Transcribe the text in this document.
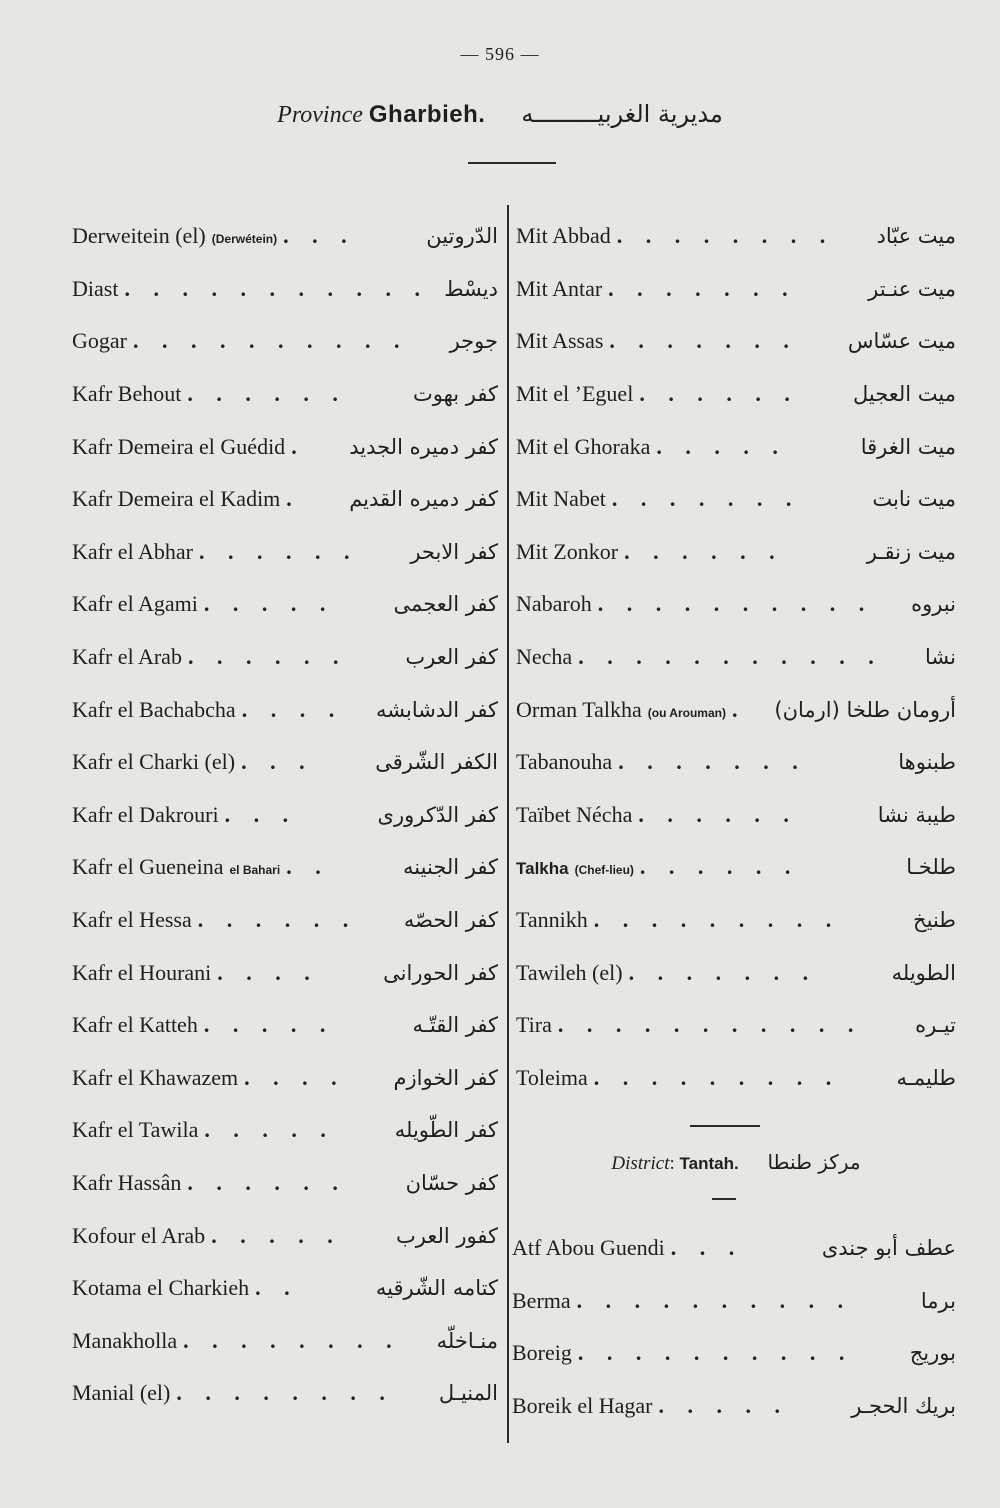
— 596 —
Province Gharbieh. مديرية الغربيـــــــــه
Derweitein (el) (Derwétein) . . .	الدّروتين
Diast . . . . . . . . . . . ديسْط
Gogar . . . . . . . . . .	جوجر
Kafr Behout . . . . . .	كفر بهوت
Kafr Demeira el Guédid .	كفر دميره الجديد
Kafr Demeira el Kadim .	كفر دميره القديم
Kafr el Abhar . . . . . .	كفر الابحر
Kafr el Agami . . . . .	كفر العجمى
Kafr el Arab . . . . . .	كفر العرب
Kafr el Bachabcha . . . .	كفر الدشابشه
Kafr el Charki (el) . . .	الكفر الشّرقى
Kafr el Dakrouri . . .	كفر الدّكرورى
Kafr el Gueneina el Bahari . .	كفر الجنينه
Kafr el Hessa . . . . . .	كفر الحصّه
Kafr el Hourani . . . .	كفر الحورانى
Kafr el Katteh . . . . .	كفر القتّـه
Kafr el Khawazem . . . .	كفر الخوازم
Kafr el Tawila . . . . .	كفر الطّويله
Kafr Hassân . . . . . .	كفر حسّان
Kofour el Arab . . . . .	كفور العرب
Kotama el Charkieh . .	كتامه الشّرقيه
Manakholla . . . . . . . .	منـاخلّه
Manial (el) . . . . . . . .	المنيـل
Mit Abbad . . . . . . . .	ميت عبّاد
Mit Antar . . . . . . .	ميت عنـتر
Mit Assas . . . . . . .	ميت عسّاس
Mit el ’Eguel . . . . . .	ميت العجيل
Mit el Ghoraka . . . . .	ميت الغرقا
Mit Nabet . . . . . . .	ميت نابت
Mit Zonkor . . . . . .	ميت زنقـر
Nabaroh . . . . . . . . . .	نبروه
Necha . . . . . . . . . . .	نشا
Orman Talkha (ou Arouman) .	أرومان طلخا (ارمان)
Tabanouha . . . . . . .	طبنوها
Taïbet Nécha . . . . . .	طيبة نشا
Talkha (Chef-lieu) . . . . . .	طلخـا
Tannikh . . . . . . . . .	طنيخ
Tawileh (el) . . . . . . .	الطويله
Tira . . . . . . . . . . .	تيـره
Toleima . . . . . . . . .	طليمـه
District: Tantah. مركز طنطا
Atf Abou Guendi . . .	عطف أبو جندى
Berma . . . . . . . . . .	برما
Boreig . . . . . . . . . .	بوريج
Boreik el Hagar . . . . .	بريك الحجـر
